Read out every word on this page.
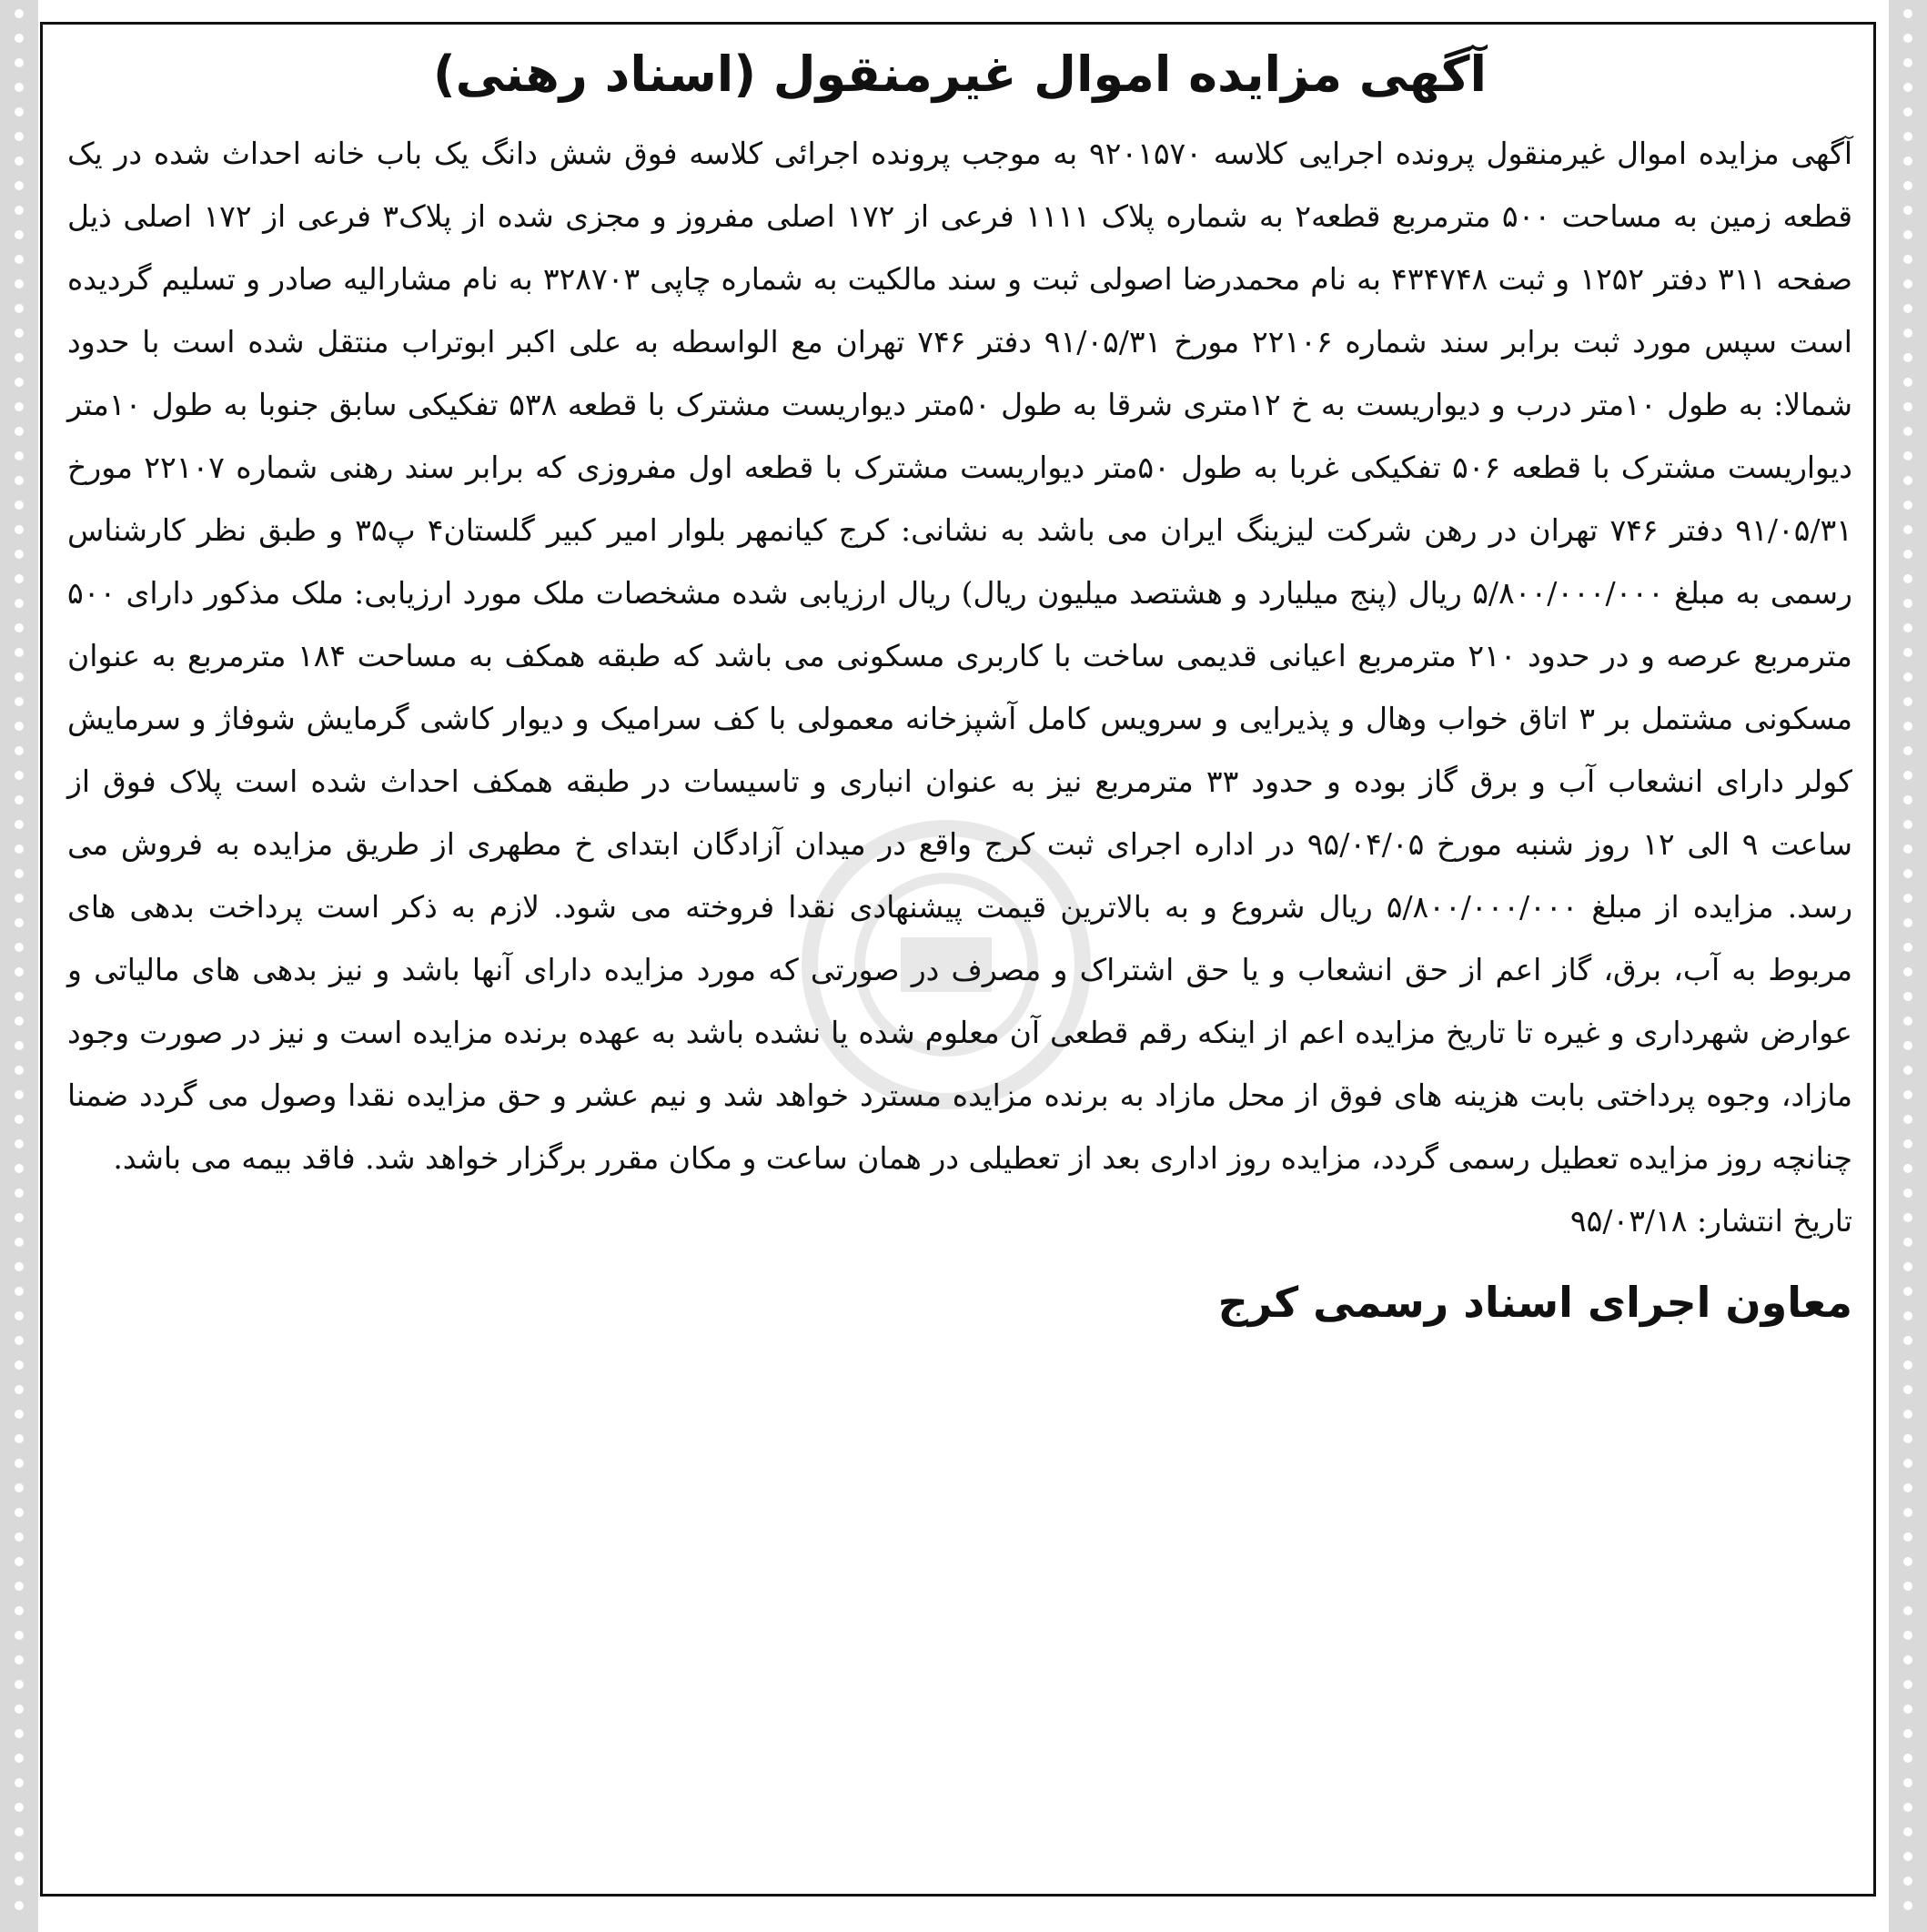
آگهی مزایده اموال غیرمنقول (اسناد رهنی)

آگهی مزایده اموال غیرمنقول پرونده اجرایی کلاسه ۹۲۰۱۵۷۰ به موجب پرونده اجرائی کلاسه فوق شش دانگ یک باب خانه احداث شده در یک قطعه زمین به مساحت ۵۰۰ مترمربع قطعه۲ به شماره پلاک ۱۱۱۱ فرعی از ۱۷۲ اصلی مفروز و مجزی شده از پلاک۳ فرعی از ۱۷۲ اصلی ذیل صفحه ۳۱۱ دفتر ۱۲۵۲ و ثبت ۴۳۴۷۴۸ به نام محمدرضا اصولی ثبت و سند مالکیت به شماره چاپی ۳۲۸۷۰۳ به نام مشارالیه صادر و تسلیم گردیده است سپس مورد ثبت برابر سند شماره ۲۲۱۰۶ مورخ ۹۱/۰۵/۳۱ دفتر ۷۴۶ تهران مع الواسطه به علی اکبر ابوتراب منتقل شده است با حدود شمالا: به طول ۱۰متر درب و دیواریست به خ ۱۲متری شرقا به طول ۵۰متر دیواریست مشترک با قطعه ۵۳۸ تفکیکی سابق جنوبا به طول ۱۰متر دیواریست مشترک با قطعه ۵۰۶ تفکیکی غربا به طول ۵۰متر دیواریست مشترک با قطعه اول مفروزی که برابر سند رهنی شماره ۲۲۱۰۷ مورخ ۹۱/۰۵/۳۱ دفتر ۷۴۶ تهران در رهن شرکت لیزینگ ایران می باشد به نشانی: کرج کیانمهر بلوار امیر کبیر گلستان۴ پ۳۵ و طبق نظر کارشناس رسمی به مبلغ ۵/۸۰۰/۰۰۰/۰۰۰ ریال (پنج میلیارد و هشتصد میلیون ریال) ریال ارزیابی شده مشخصات ملک مورد ارزیابی: ملک مذکور دارای ۵۰۰ مترمربع عرصه و در حدود ۲۱۰ مترمربع اعیانی قدیمی ساخت با کاربری مسکونی می باشد که طبقه همکف به مساحت ۱۸۴ مترمربع به عنوان مسکونی مشتمل بر ۳ اتاق خواب وهال و پذیرایی و سرویس کامل آشپزخانه معمولی با کف سرامیک و دیوار کاشی گرمایش شوفاژ و سرمایش کولر دارای انشعاب آب و برق گاز بوده و حدود ۳۳ مترمربع نیز به عنوان انباری و تاسیسات در طبقه همکف احداث شده است پلاک فوق از ساعت ۹ الی ۱۲ روز شنبه مورخ ۹۵/۰۴/۰۵ در اداره اجرای ثبت کرج واقع در میدان آزادگان ابتدای خ مطهری از طریق مزایده به فروش می رسد. مزایده از مبلغ ۵/۸۰۰/۰۰۰/۰۰۰ ریال شروع و به بالاترین قیمت پیشنهادی نقدا فروخته می شود. لازم به ذکر است پرداخت بدهی های مربوط به آب، برق، گاز اعم از حق انشعاب و یا حق اشتراک و مصرف در صورتی که مورد مزایده دارای آنها باشد و نیز بدهی های مالیاتی و عوارض شهرداری و غیره تا تاریخ مزایده اعم از اینکه رقم قطعی آن معلوم شده یا نشده باشد به عهده برنده مزایده است و نیز در صورت وجود مازاد، وجوه پرداختی بابت هزینه های فوق از محل مازاد به برنده مزایده مسترد خواهد شد و نیم عشر و حق مزایده نقدا وصول می گردد ضمنا چنانچه روز مزایده تعطیل رسمی گردد، مزایده روز اداری بعد از تعطیلی در همان ساعت و مکان مقرر برگزار خواهد شد. فاقد بیمه می باشد.

تاریخ انتشار: ۹۵/۰۳/۱۸

معاون اجرای اسناد رسمی کرج
